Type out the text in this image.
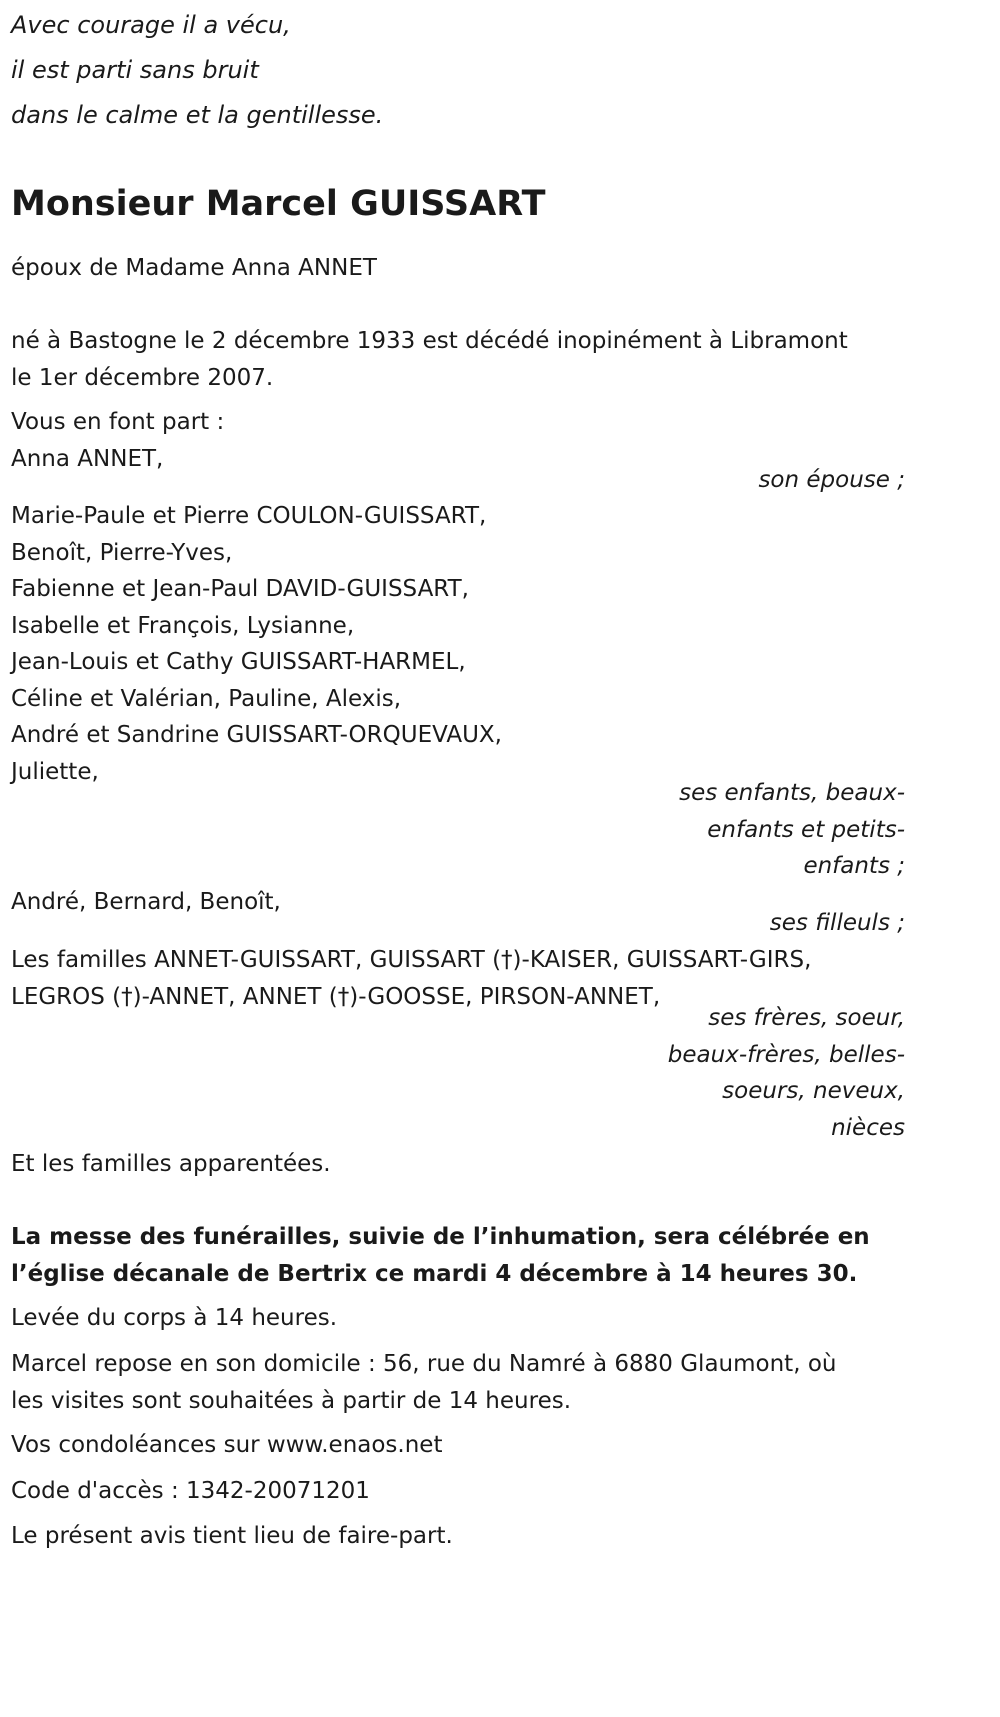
Avec courage il a vécu,
il est parti sans bruit
dans le calme et la gentillesse.
Monsieur Marcel GUISSART
époux de Madame Anna ANNET
né à Bastogne le 2 décembre 1933 est décédé inopinément à Libramont
le 1er décembre 2007.
Vous en font part :
Anna ANNET,
son épouse ;
Marie-Paule et Pierre COULON-GUISSART,
Benoît, Pierre-Yves,
Fabienne et Jean-Paul DAVID-GUISSART,
Isabelle et François, Lysianne,
Jean-Louis et Cathy GUISSART-HARMEL,
Céline et Valérian, Pauline, Alexis,
André et Sandrine GUISSART-ORQUEVAUX,
Juliette,
ses enfants, beaux-
enfants et petits-
enfants ;
André, Bernard, Benoît,
ses filleuls ;
Les familles ANNET-GUISSART, GUISSART (†)-KAISER, GUISSART-GIRS,
LEGROS (†)-ANNET, ANNET (†)-GOOSSE, PIRSON-ANNET,
ses frères, soeur,
beaux-frères, belles-
soeurs, neveux,
nièces
Et les familles apparentées.
La messe des funérailles, suivie de l’inhumation, sera célébrée en
l’église décanale de Bertrix ce mardi 4 décembre à 14 heures 30.
Levée du corps à 14 heures.
Marcel repose en son domicile : 56, rue du Namré à 6880 Glaumont, où
les visites sont souhaitées à partir de 14 heures.
Vos condoléances sur www.enaos.net
Code d'accès : 1342-20071201
Le présent avis tient lieu de faire-part.
